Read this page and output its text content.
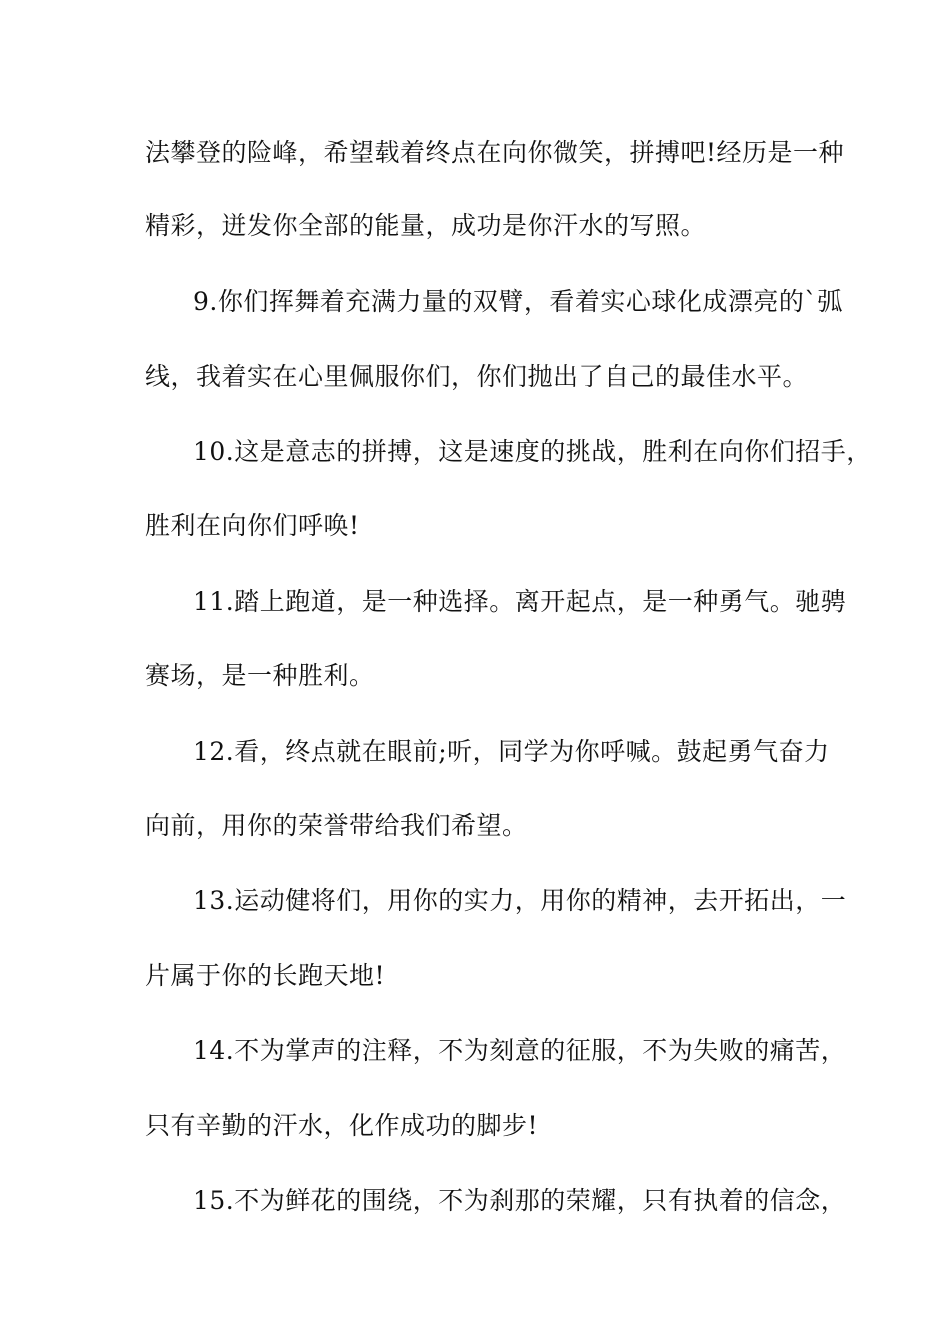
法攀登的险峰，希望载着终点在向你微笑，拼搏吧!经历是一种
精彩，迸发你全部的能量，成功是你汗水的写照。
9.你们挥舞着充满力量的双臂，看着实心球化成漂亮的`弧
线，我着实在心里佩服你们，你们抛出了自己的最佳水平。
10.这是意志的拼搏，这是速度的挑战，胜利在向你们招手，
胜利在向你们呼唤!
11.踏上跑道，是一种选择。离开起点，是一种勇气。驰骋
赛场，是一种胜利。
12.看，终点就在眼前;听，同学为你呼喊。鼓起勇气奋力
向前，用你的荣誉带给我们希望。
13.运动健将们，用你的实力，用你的精神，去开拓出，一
片属于你的长跑天地!
14.不为掌声的注释，不为刻意的征服，不为失败的痛苦，
只有辛勤的汗水，化作成功的脚步!
15.不为鲜花的围绕，不为刹那的荣耀，只有执着的信念，
